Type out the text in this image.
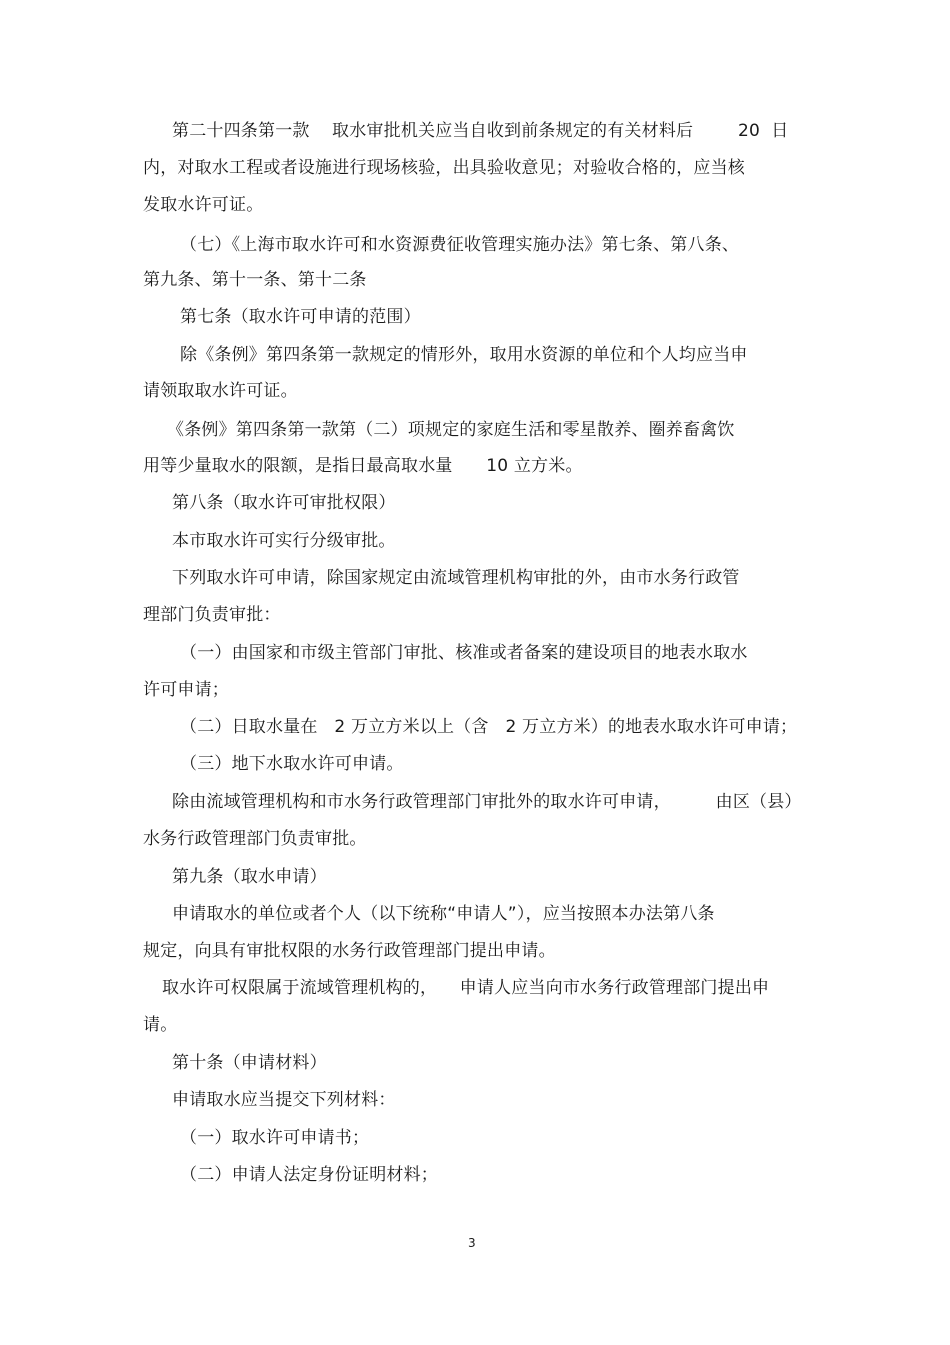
第二十四条第一款    取水审批机关应当自收到前条规定的有关材料后        20  日
内，对取水工程或者设施进行现场核验，出具验收意见；对验收合格的，应当核
发取水许可证。
（七）《上海市取水许可和水资源费征收管理实施办法》第七条、第八条、
第九条、第十一条、第十二条
第七条（取水许可申请的范围）
除《条例》第四条第一款规定的情形外，取用水资源的单位和个人均应当申
请领取取水许可证。
《条例》第四条第一款第（二）项规定的家庭生活和零星散养、圈养畜禽饮
用等少量取水的限额，是指日最高取水量      10 立方米。
第八条（取水许可审批权限）
本市取水许可实行分级审批。
下列取水许可申请，除国家规定由流域管理机构审批的外，由市水务行政管
理部门负责审批：
（一）由国家和市级主管部门审批、核准或者备案的建设项目的地表水取水
许可申请；
（二）日取水量在   2 万立方米以上（含   2 万立方米）的地表水取水许可申请；
（三）地下水取水许可申请。
除由流域管理机构和市水务行政管理部门审批外的取水许可申请，        由区（县）
水务行政管理部门负责审批。
第九条（取水申请）
申请取水的单位或者个人（以下统称“申请人”），应当按照本办法第八条
规定，向具有审批权限的水务行政管理部门提出申请。
取水许可权限属于流域管理机构的，    申请人应当向市水务行政管理部门提出申
请。
第十条（申请材料）
申请取水应当提交下列材料：
（一）取水许可申请书；
（二）申请人法定身份证明材料；
3
